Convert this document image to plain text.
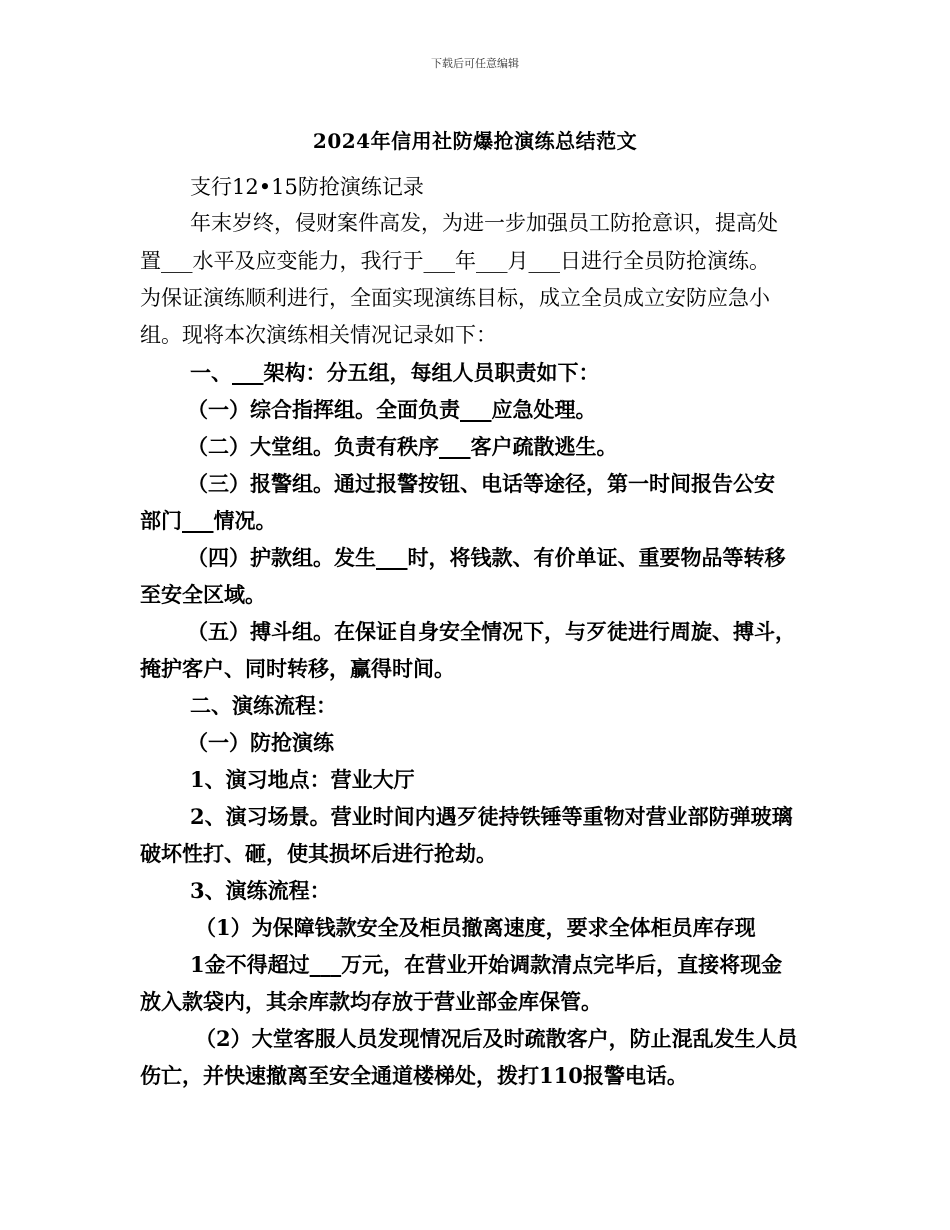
下载后可任意编辑
2024年信用社防爆抢演练总结范文
支行12•15防抢演练记录
年末岁终，侵财案件高发，为进一步加强员工防抢意识，提高处
置___水平及应变能力，我行于___年___月___日进行全员防抢演练。
为保证演练顺利进行，全面实现演练目标，成立全员成立安防应急小
组。现将本次演练相关情况记录如下：
一、___架构：分五组，每组人员职责如下：
（一）综合指挥组。全面负责___应急处理。
（二）大堂组。负责有秩序___客户疏散逃生。
（三）报警组。通过报警按钮、电话等途径，第一时间报告公安
部门___情况。
（四）护款组。发生___时，将钱款、有价单证、重要物品等转移
至安全区域。
（五）搏斗组。在保证自身安全情况下，与歹徒进行周旋、搏斗，
掩护客户、同时转移，赢得时间。
二、演练流程：
（一）防抢演练
1、演习地点：营业大厅
2、演习场景。营业时间内遇歹徒持铁锤等重物对营业部防弹玻璃
破坏性打、砸，使其损坏后进行抢劫。
3、演练流程：
（1）为保障钱款安全及柜员撤离速度，要求全体柜员库存现
1金不得超过___万元，在营业开始调款清点完毕后，直接将现金
放入款袋内，其余库款均存放于营业部金库保管。
（2）大堂客服人员发现情况后及时疏散客户，防止混乱发生人员
伤亡，并快速撤离至安全通道楼梯处，拨打110报警电话。
